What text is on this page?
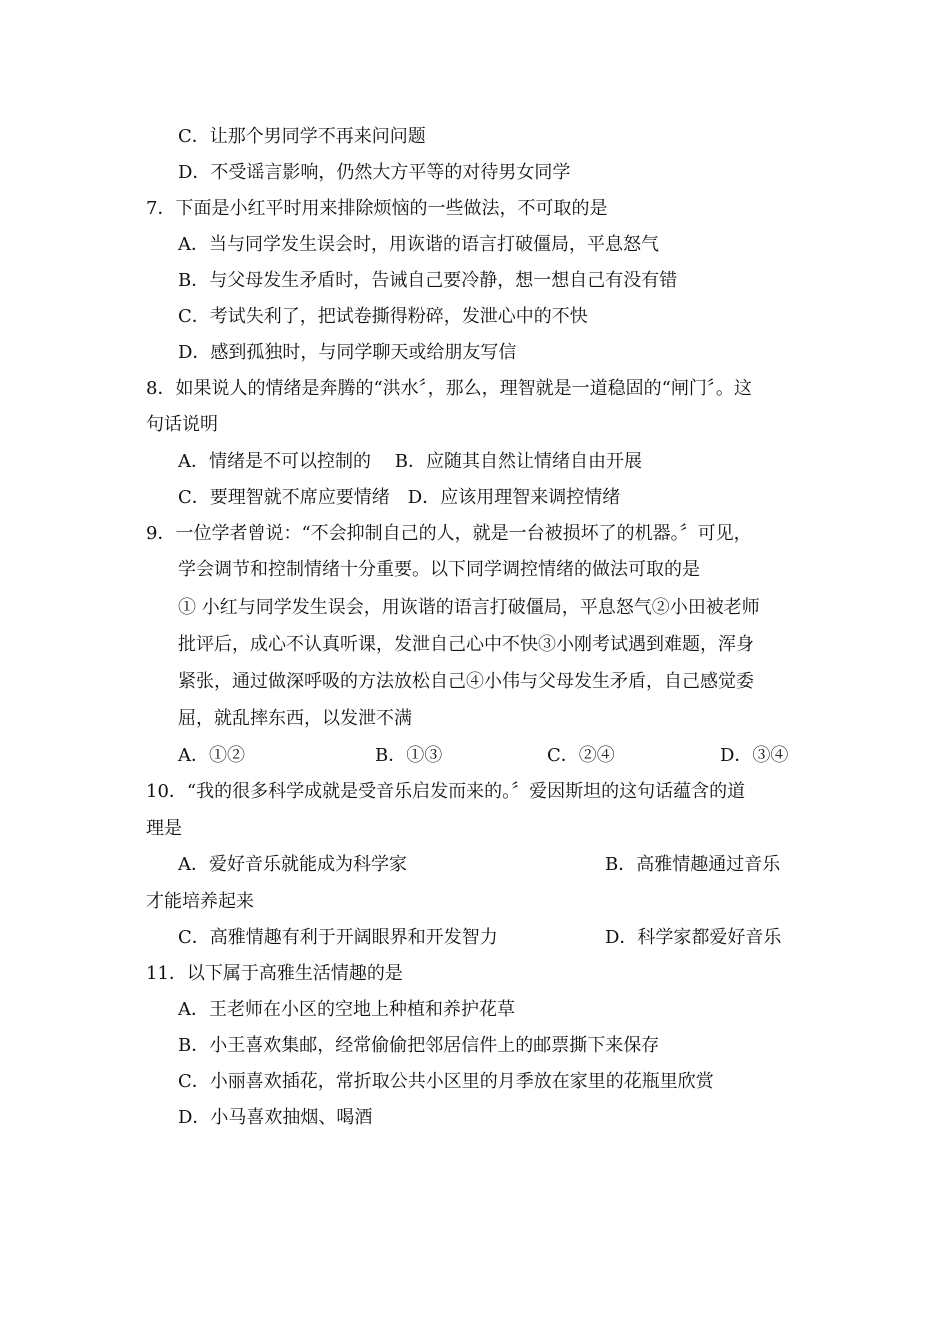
C．让那个男同学不再来问问题
D．不受谣言影响，仍然大方平等的对待男女同学
7．下面是小红平时用来排除烦恼的一些做法，不可取的是
A．当与同学发生误会时，用诙谐的语言打破僵局，平息怒气
B．与父母发生矛盾时，告诫自己要冷静，想一想自己有没有错
C．考试失利了，把试卷撕得粉碎，发泄心中的不快
D．感到孤独时，与同学聊天或给朋友写信
8．如果说人的情绪是奔腾的“洪水〞，那么，理智就是一道稳固的“闸门〞。这
句话说明
A．情绪是不可以控制的　 B．应随其自然让情绪自由开展
C．要理智就不席应要情绪　D．应该用理智来调控情绪
9．一位学者曾说：“不会抑制自己的人，就是一台被损坏了的机器。〞可见，
学会调节和控制情绪十分重要。以下同学调控情绪的做法可取的是
① 小红与同学发生误会，用诙谐的语言打破僵局，平息怒气②小田被老师
批评后，成心不认真听课，发泄自己心中不快③小刚考试遇到难题，浑身
紧张，通过做深呼吸的方法放松自己④小伟与父母发生矛盾，自己感觉委
屈，就乱摔东西，以发泄不满
A．①②	B．①③	C．②④	D．③④
10．“我的很多科学成就是受音乐启发而来的。〞爱因斯坦的这句话蕴含的道
理是
A．爱好音乐就能成为科学家	B．高雅情趣通过音乐
才能培养起来
C．高雅情趣有利于开阔眼界和开发智力	D．科学家都爱好音乐
11．以下属于高雅生活情趣的是
A．王老师在小区的空地上种植和养护花草
B．小王喜欢集邮，经常偷偷把邻居信件上的邮票撕下来保存
C．小丽喜欢插花，常折取公共小区里的月季放在家里的花瓶里欣赏
D．小马喜欢抽烟、喝酒
